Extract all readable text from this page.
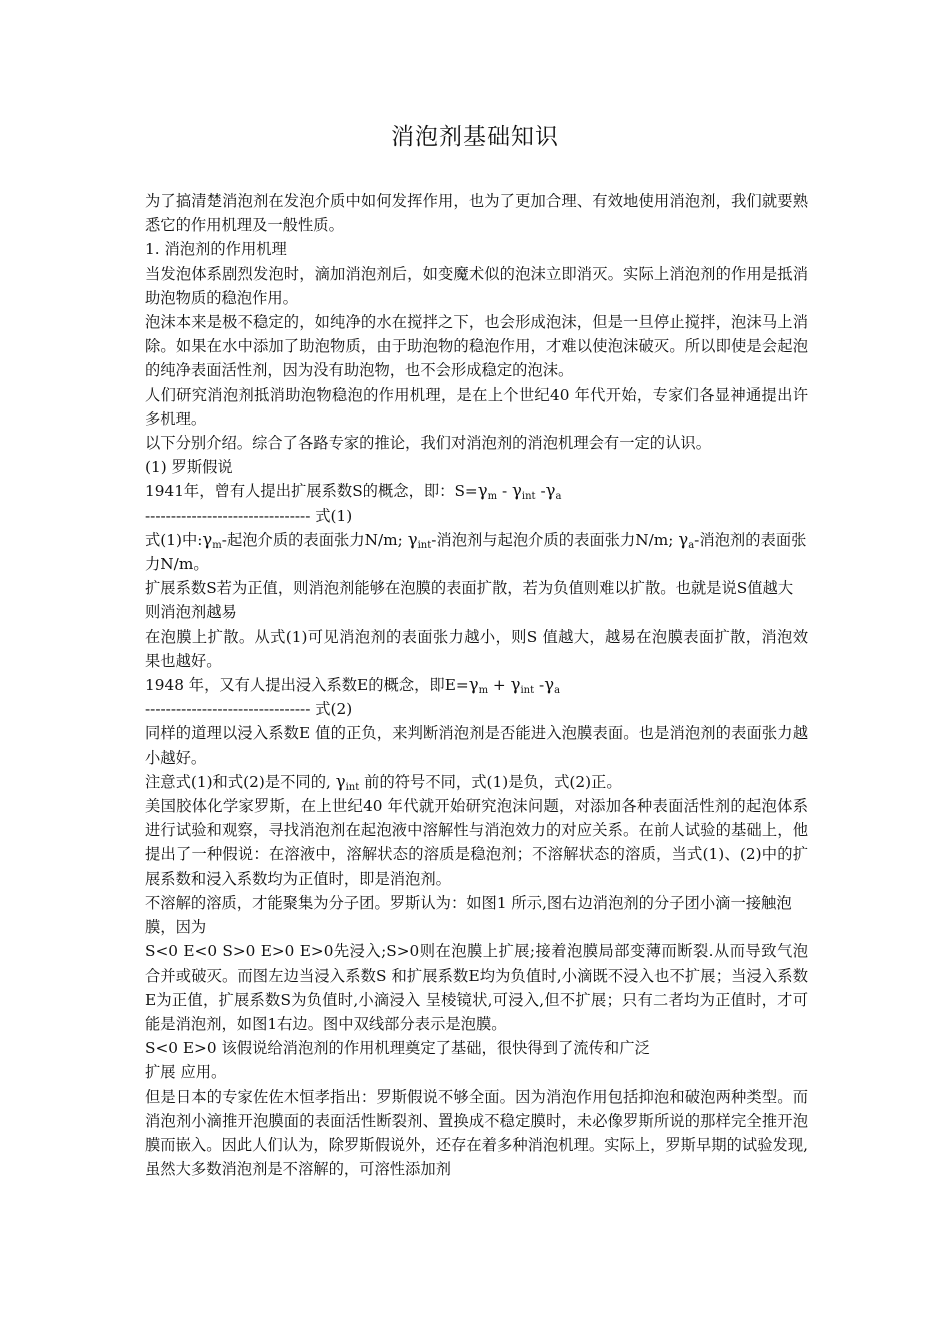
消泡剂基础知识

为了搞清楚消泡剂在发泡介质中如何发挥作用，也为了更加合理、有效地使用消泡剂，我们就要熟悉它的作用机理及一般性质。

1. 消泡剂的作用机理

当发泡体系剧烈发泡时，滴加消泡剂后，如变魔术似的泡沫立即消灭。实际上消泡剂的作用是抵消助泡物质的稳泡作用。

泡沫本来是极不稳定的，如纯净的水在搅拌之下，也会形成泡沫，但是一旦停止搅拌，泡沫马上消除。如果在水中添加了助泡物质，由于助泡物的稳泡作用，才难以使泡沫破灭。所以即使是会起泡的纯净表面活性剂，因为没有助泡物，也不会形成稳定的泡沫。

人们研究消泡剂抵消助泡物稳泡的作用机理，是在上个世纪40 年代开始，专家们各显神通提出许多机理。

以下分别介绍。综合了各路专家的推论，我们对消泡剂的消泡机理会有一定的认识。

(1) 罗斯假说

1941年，曾有人提出扩展系数S的概念，即：$S=\gamma_m - \gamma_{int}$ $-\gamma_a$

-------------------------------- 式(1)

式(1)中$:\gamma_m-$起泡介质的表面张力N/m; $\gamma_{int}-$消泡剂与起泡介质的表面张力N/m; $\gamma_a-$消泡剂的表面张力N/m。

扩展系数S若为正值，则消泡剂能够在泡膜的表面扩散，若为负值则难以扩散。也就是说S值越大则消泡剂越易

在泡膜上扩散。从式(1)可见消泡剂的表面张力越小，则S 值越大，越易在泡膜表面扩散，消泡效果也越好。

1948 年，又有人提出浸入系数E的概念，即$E=\gamma_m + \gamma_{int}$ $-\gamma_a$

-------------------------------- 式(2)

同样的道理以浸入系数E 值的正负，来判断消泡剂是否能进入泡膜表面。也是消泡剂的表面张力越小越好。

注意式(1)和式(2)是不同的, $\gamma_{int}$ 前的符号不同，式(1)是负，式(2)正。

美国胶体化学家罗斯，在上世纪40 年代就开始研究泡沫问题，对添加各种表面活性剂的起泡体系进行试验和观察，寻找消泡剂在起泡液中溶解性与消泡效力的对应关系。在前人试验的基础上，他提出了一种假说：在溶液中，溶解状态的溶质是稳泡剂；不溶解状态的溶质，当式(1)、(2)中的扩展系数和浸入系数均为正值时，即是消泡剂。

不溶解的溶质，才能聚集为分子团。罗斯认为：如图1 所示,图右边消泡剂的分子团小滴一接触泡膜，因为

S<0 E<0 S>0 E>0 E>0先浸入;S>0则在泡膜上扩展;接着泡膜局部变薄而断裂.从而导致气泡合并或破灭。而图左边当浸入系数S 和扩展系数E均为负值时,小滴既不浸入也不扩展；当浸入系数E为正值，扩展系数S为负值时,小滴浸入 呈棱镜状,可浸入,但不扩展；只有二者均为正值时，才可能是消泡剂，如图1右边。图中双线部分表示是泡膜。

S<0 E>0 该假说给消泡剂的作用机理奠定了基础，很快得到了流传和广泛

扩展 应用。

但是日本的专家佐佐木恒孝指出：罗斯假说不够全面。因为消泡作用包括抑泡和破泡两种类型。而消泡剂小滴推开泡膜面的表面活性断裂剂、置换成不稳定膜时，未必像罗斯所说的那样完全推开泡膜而嵌入。因此人们认为，除罗斯假说外，还存在着多种消泡机理。实际上，罗斯早期的试验发现,虽然大多数消泡剂是不溶解的，可溶性添加剂
